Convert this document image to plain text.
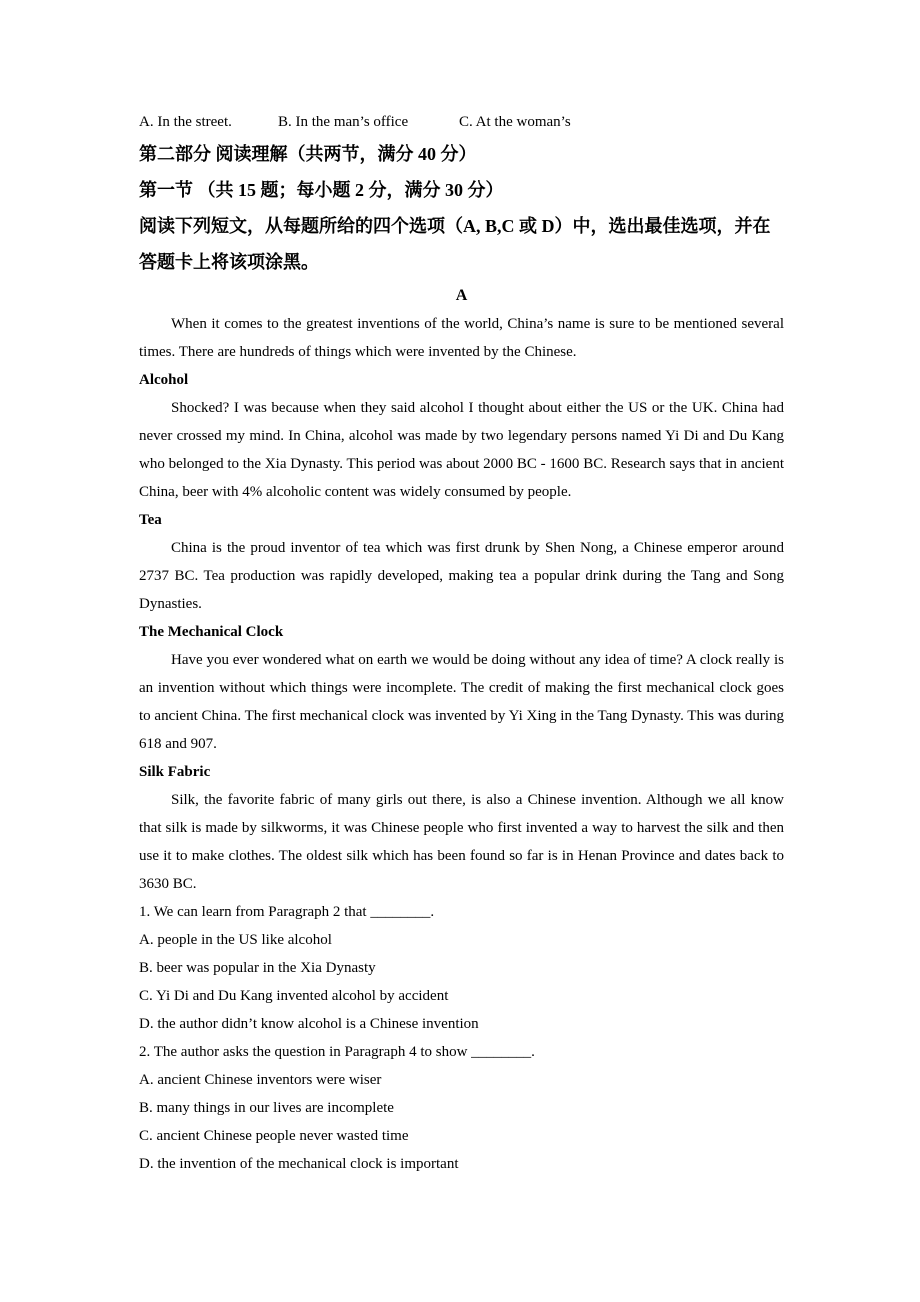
A. In the street.	B. In the man’s office	C. At the woman’s
第二部分 阅读理解（共两节，满分 40 分）
第一节 （共 15 题；每小题 2 分，满分 30 分）
阅读下列短文，从每题所给的四个选项（A, B,C 或 D）中，选出最佳选项，并在答题卡上将该项涂黑。
A

When it comes to the greatest inventions of the world, China’s name is sure to be mentioned several times. There are hundreds of things which were invented by the Chinese.

Alcohol

Shocked? I was because when they said alcohol I thought about either the US or the UK. China had never crossed my mind. In China, alcohol was made by two legendary persons named Yi Di and Du Kang who belonged to the Xia Dynasty. This period was about 2000 BC - 1600 BC. Research says that in ancient China, beer with 4% alcoholic content was widely consumed by people.

Tea

China is the proud inventor of tea which was first drunk by Shen Nong, a Chinese emperor around 2737 BC. Tea production was rapidly developed, making tea a popular drink during the Tang and Song Dynasties.

The Mechanical Clock

Have you ever wondered what on earth we would be doing without any idea of time? A clock really is an invention without which things were incomplete. The credit of making the first mechanical clock goes to ancient China. The first mechanical clock was invented by Yi Xing in the Tang Dynasty. This was during 618 and 907.

Silk Fabric

Silk, the favorite fabric of many girls out there, is also a Chinese invention. Although we all know that silk is made by silkworms, it was Chinese people who first invented a way to harvest the silk and then use it to make clothes. The oldest silk which has been found so far is in Henan Province and dates back to 3630 BC.

1. We can learn from Paragraph 2 that ________.
A. people in the US like alcohol
B. beer was popular in the Xia Dynasty
C. Yi Di and Du Kang invented alcohol by accident
D. the author didn’t know alcohol is a Chinese invention
2. The author asks the question in Paragraph 4 to show ________.
A. ancient Chinese inventors were wiser
B. many things in our lives are incomplete
C. ancient Chinese people never wasted time
D. the invention of the mechanical clock is important
